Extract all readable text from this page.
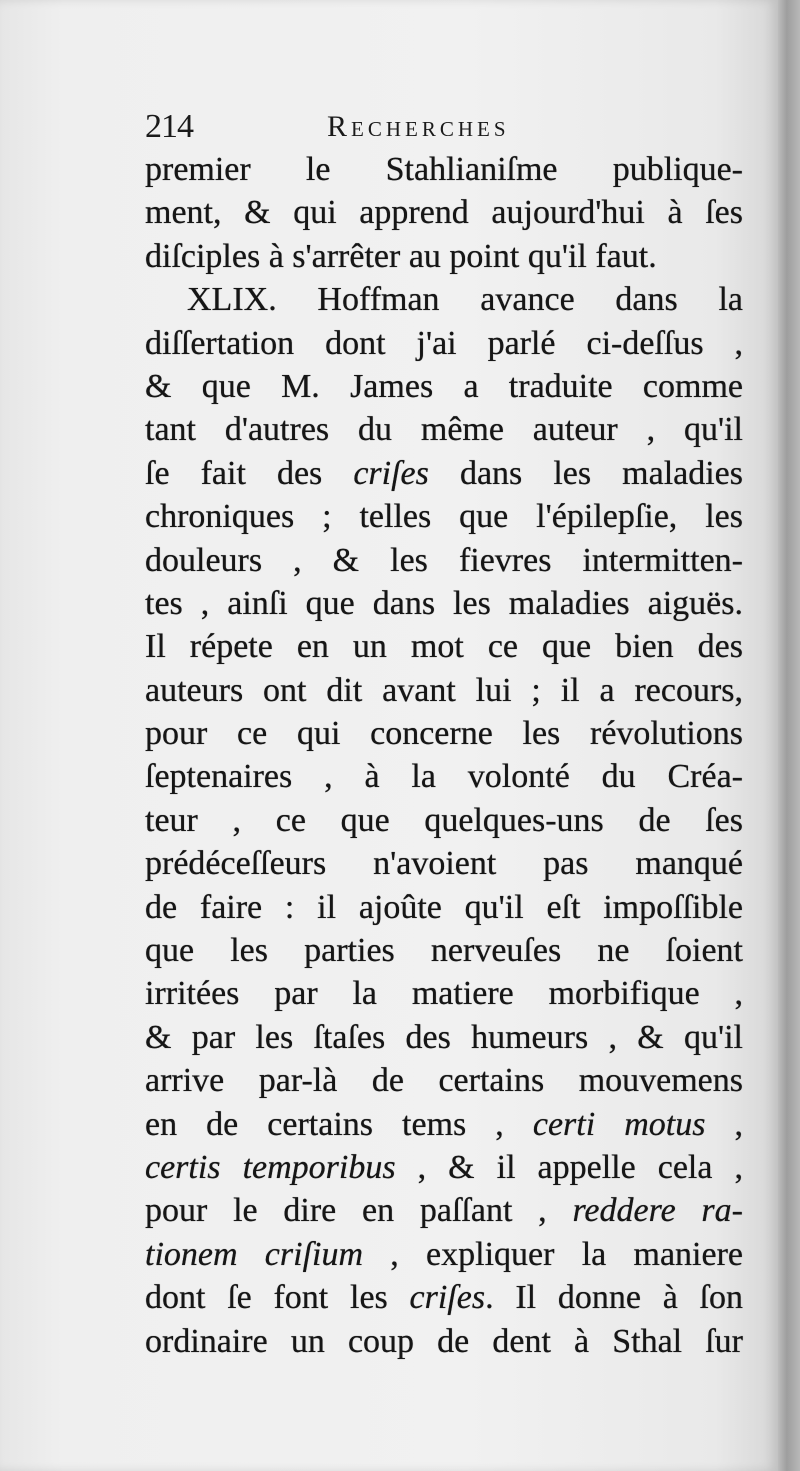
214	Recherches
premier le Stahlianiſme publique-
ment, & qui apprend aujourd'hui à ſes
diſciples à s'arrêter au point qu'il faut.
XLIX. Hoffman avance dans la
diſſertation dont j'ai parlé ci-deſſus ,
& que M. James a traduite comme
tant d'autres du même auteur , qu'il
ſe fait des criſes dans les maladies
chroniques ; telles que l'épilepſie, les
douleurs , & les fievres intermitten-
tes , ainſi que dans les maladies aiguës.
Il répete en un mot ce que bien des
auteurs ont dit avant lui ; il a recours,
pour ce qui concerne les révolutions
ſeptenaires , à la volonté du Créa-
teur , ce que quelques-uns de ſes
prédéceſſeurs n'avoient pas manqué
de faire : il ajoûte qu'il eſt impoſſible
que les parties nerveuſes ne ſoient
irritées par la matiere morbifique ,
& par les ſtaſes des humeurs , & qu'il
arrive par-là de certains mouvemens
en de certains tems , certi motus ,
certis temporibus , & il appelle cela ,
pour le dire en paſſant , reddere ra-
tionem criſium , expliquer la maniere
dont ſe font les criſes. Il donne à ſon
ordinaire un coup de dent à Sthal ſur
